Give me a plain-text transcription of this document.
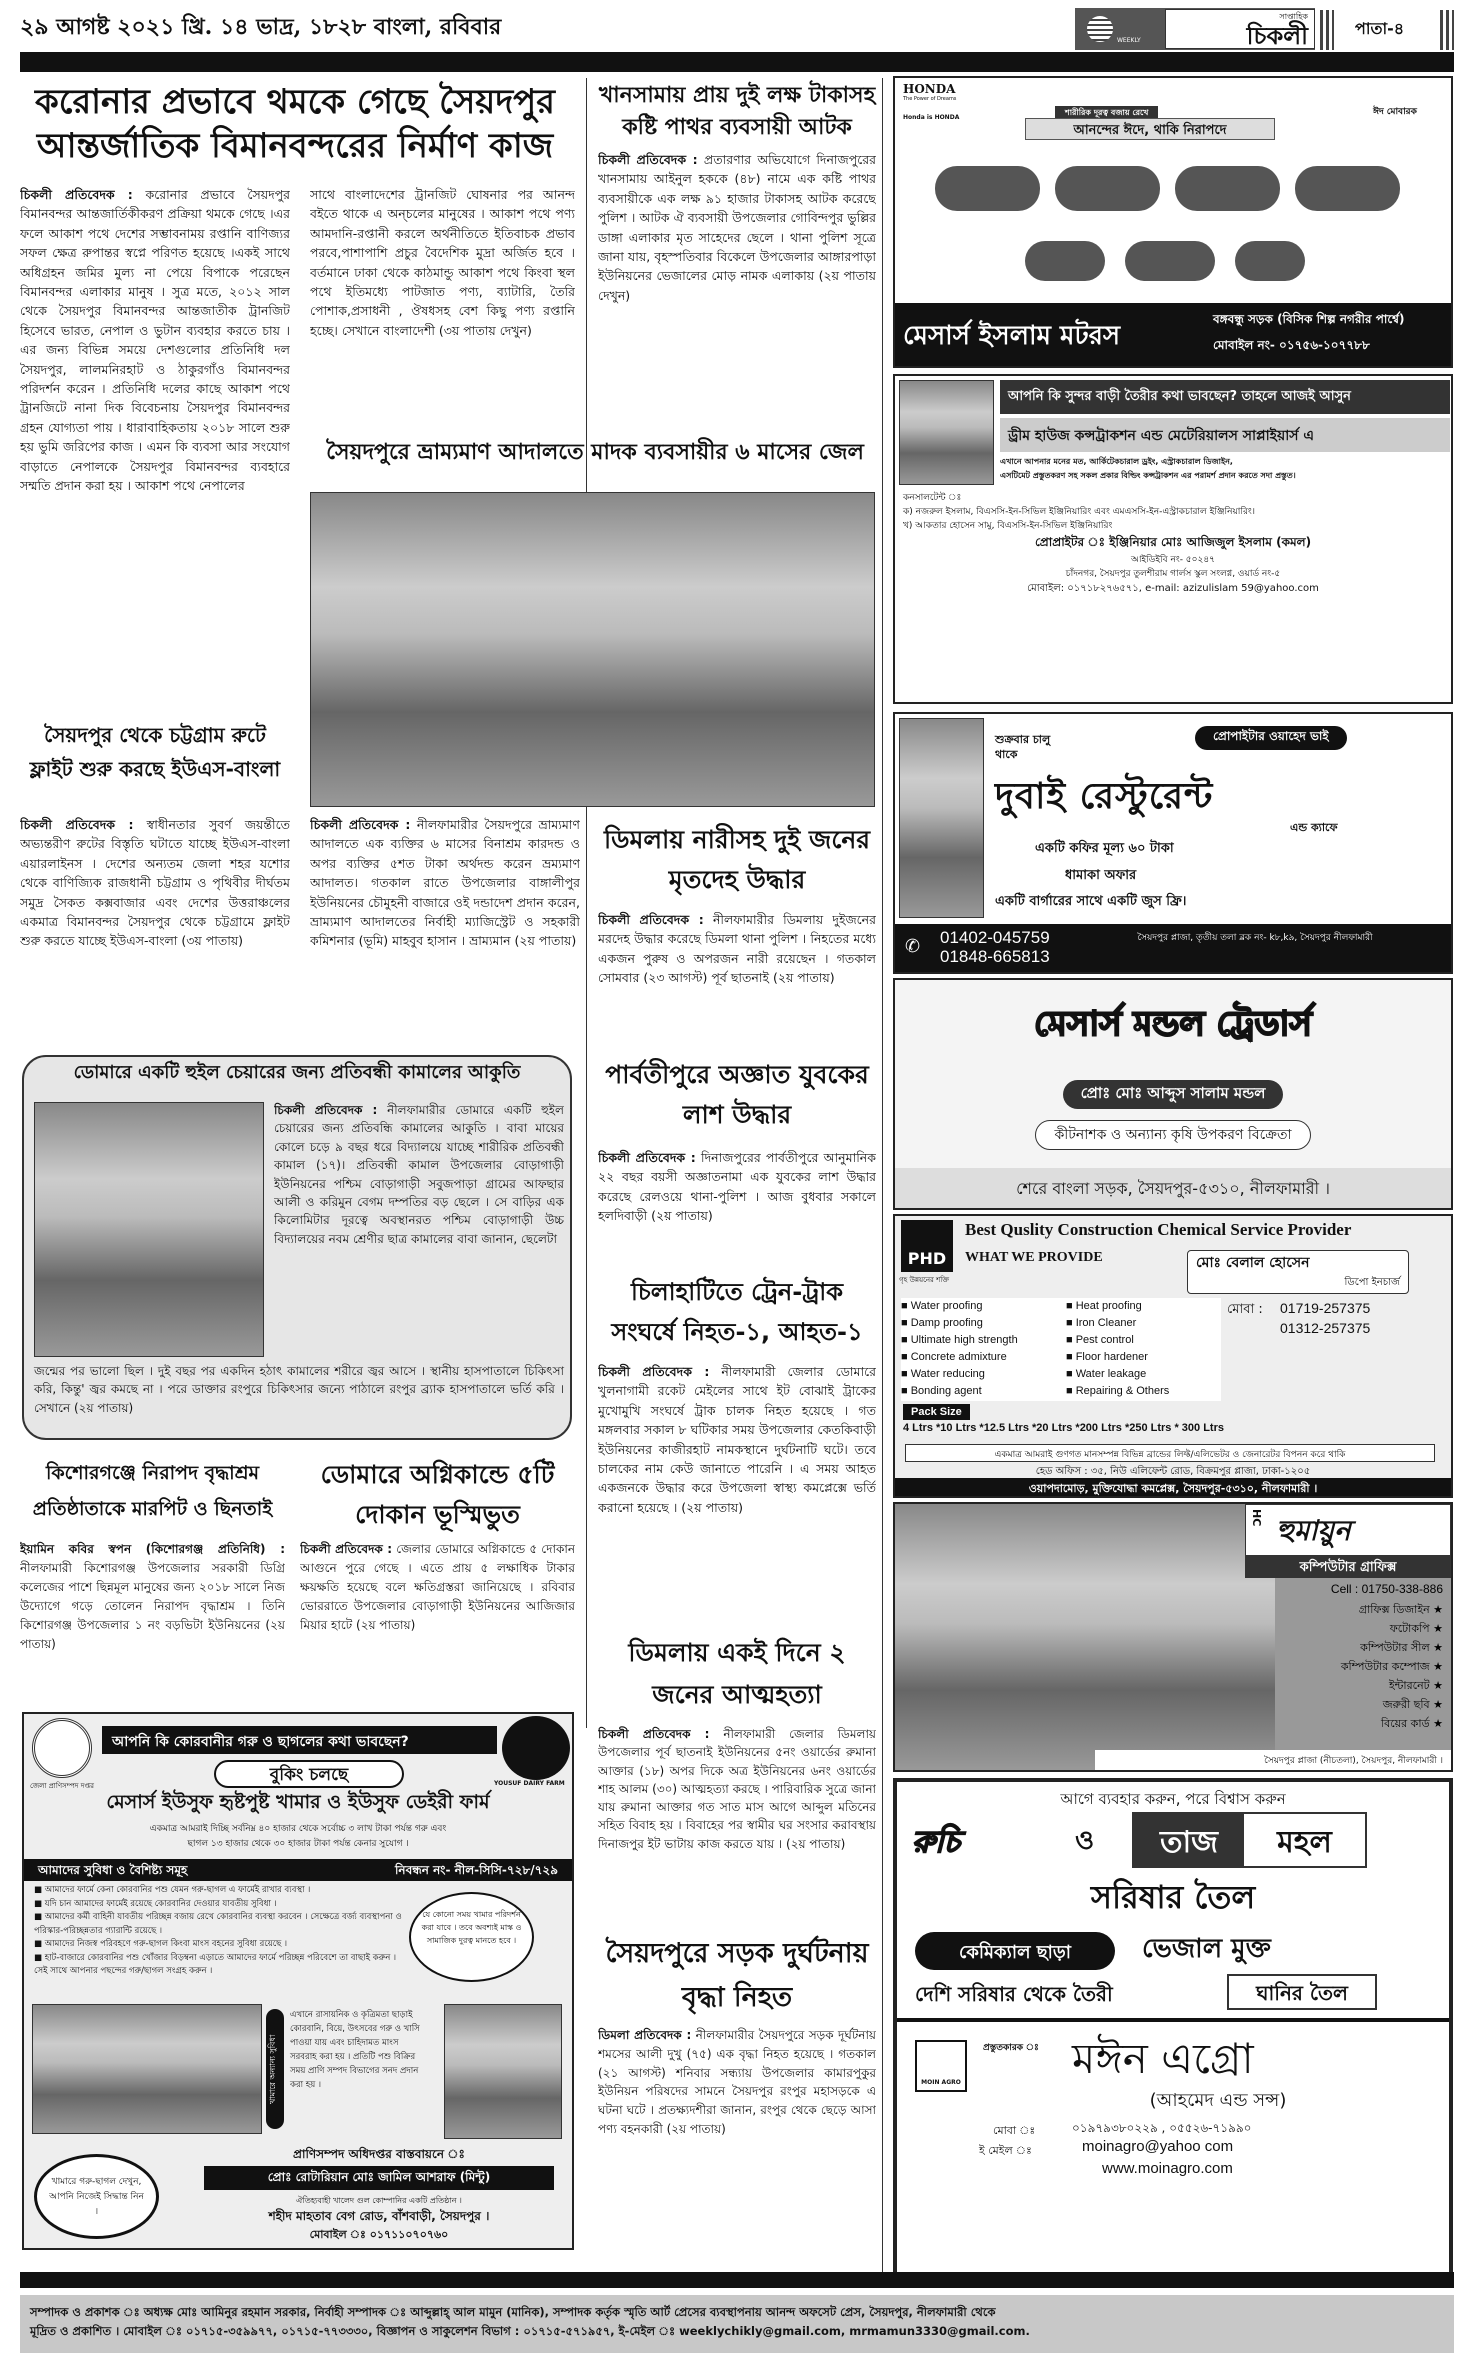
২৯ আগষ্ট ২০২১ খ্রি. ১৪ ভাদ্র, ১৮২৮ বাংলা, রবিবার
WEEKLY
সাপ্তাহিক
চিকলী	পাতা-৪
করোনার প্রভাবে থমকে গেছে সৈয়দপুর আন্তর্জাতিক বিমানবন্দরের নির্মাণ কাজ
চিকলী প্রতিবেদক : করোনার প্রভাবে সৈয়দপুর বিমানবন্দর আন্তজার্তিকীকরণ প্রক্রিয়া থমকে গেছে ।এর ফলে আকাশ পথে দেশের সম্ভাবনাময় রপ্তানি বাণিজ্যর সফল ক্ষেত্র রুপান্তর স্বপ্নে পরিণত হয়েছে ।একই সাথে অধিগ্রহন জমির মুল্য না পেয়ে বিপাকে পরেছেন বিমানবন্দর এলাকার মানুষ । সুত্র মতে, ২০১২ সাল থেকে সৈয়দপুর বিমানবন্দর আন্তজাতীক ট্রানজিট হিসেবে ভারত, নেপাল ও ভুটান ব্যবহার করতে চায় । এর জন্য বিভিন্ন সময়ে দেশগুলোর প্রতিনিধি দল সৈয়দপুর, লালমনিরহাট ও ঠাকুরগাঁও বিমানবন্দর পরিদর্শন করেন । প্রতিনিধি দলের কাছে আকাশ পথে ট্রানজিটে নানা দিক বিবেচনায় সৈয়দপুর বিমানবন্দর গ্রহন যোগ্যতা পায় । ধারাবাহিকতায় ২০১৮ সালে শুরু হয় ভুমি জরিপের কাজ । এমন কি ব্যবসা আর সংযোগ বাড়াতে নেপালকে সৈয়দপুর বিমানবন্দর ব্যবহারে সম্মতি প্রদান করা হয় । আকাশ পথে নেপালের
সাথে বাংলাদেশের ট্রানজিট ঘোষনার পর আনন্দ বইতে থাকে এ অন্চলের মানুষের । আকাশ পথে পণ্য আমদানি-রপ্তানী করলে অর্থনীতিতে ইতিবাচক প্রভাব পরবে,পাশাপাশি প্রচুর বৈদেশিক মুদ্রা অর্জিত হবে । বর্তমানে ঢাকা থেকে কাঠমান্ডু আকাশ পথে কিংবা স্থল পথে ইতিমধ্যে পাটজাত পণ্য, ব্যাটারি, তৈরি পোশাক,প্রসাধনী , ঔষধসহ বেশ কিছু পণ্য রপ্তানি হচ্ছে। সেখানে বাংলাদেশী (৩য় পাতায় দেখুন)
খানসামায় প্রায় দুই লক্ষ টাকাসহ কষ্টি পাথর ব্যবসায়ী আটক
চিকলী প্রতিবেদক : প্রতারণার অভিযোগে দিনাজপুরের খানসামায় আইনুল হককে (৪৮) নামে এক কষ্টি পাথর ব্যবসায়ীকে এক লক্ষ ৯১ হাজার টাকাসহ আটক করেছে পুলিশ । আটক ঐ ব্যবসায়ী উপজেলার গোবিন্দপুর ভুল্লির ডাঙ্গা এলাকার মৃত সাহেদের ছেলে । থানা পুলিশ সূত্রে জানা যায়, বৃহস্পতিবার বিকেলে উপজেলার আঙ্গারপাড়া ইউনিয়নের ভেজালের মোড় নামক এলাকায় (২য় পাতায় দেখুন)
সৈয়দপুরে ভ্রাম্যমাণ আদালতে মাদক ব্যবসায়ীর ৬ মাসের জেল
চিকলী প্রতিবেদক : নীলফামারীর সৈয়দপুরে ভ্রাম্যমাণ আদালতে এক ব্যক্তির ৬ মাসের বিনাশ্রম কারদন্ড ও অপর ব্যক্তির ৫শত টাকা অর্থদন্ড করেন ভ্রম্যমাণ আদালত। গতকাল রাতে উপজেলার বাঙ্গালীপুর ইউনিয়নের চৌমুহনী বাজারে ওই দন্ডাদেশ প্রদান করেন, ভ্রাম্যমাণ আদালতের নির্বাহী ম্যাজিস্ট্রেট ও সহকারী কমিশনার (ভূমি) মাহবুব হাসান । ভ্রাম্যমান (২য় পাতায়)
সৈয়দপুর থেকে চট্টগ্রাম রুটে ফ্লাইট শুরু করছে ইউএস-বাংলা
চিকলী প্রতিবেদক : স্বাধীনতার সুবর্ণ জয়ন্তীতে অভ্যন্তরীণ রুটের বিস্তৃতি ঘটাতে যাচ্ছে ইউএস-বাংলা এয়ারলাইনস । দেশের অন্যতম জেলা শহর যশোর থেকে বাণিজ্যিক রাজধানী চট্টগ্রাম ও পৃথিবীর দীর্ঘতম সমুদ্র সৈকত কক্সবাজার এবং দেশের উত্তরাঞ্চলের একমাত্র বিমানবন্দর সৈয়দপুর থেকে চট্টগ্রামে ফ্লাইট শুরু করতে যাচ্ছে ইউএস-বাংলা (৩য় পাতায়)
ডিমলায় নারীসহ দুই জনের মৃতদেহ উদ্ধার
চিকলী প্রতিবেদক : নীলফামারীর ডিমলায় দুইজনের মরদেহ উদ্ধার করেছে ডিমলা থানা পুলিশ । নিহতের মধ্যে একজন পুরুষ ও অপরজন নারী রয়েছেন । গতকাল সোমবার (২৩ আগস্ট) পূর্ব ছাতনাই (২য় পাতায়)
পার্বতীপুরে অজ্ঞাত যুবকের লাশ উদ্ধার
চিকলী প্রতিবেদক : দিনাজপুরের পার্বতীপুরে আনুমানিক ২২ বছর বয়সী অজ্ঞাতনামা এক যুবকের লাশ উদ্ধার করেছে রেলওয়ে থানা-পুলিশ । আজ বুধবার সকালে হলদিবাড়ী (২য় পাতায়)
ডোমারে একটি হুইল চেয়ারের জন্য প্রতিবন্ধী কামালের আকুতি
চিকলী প্রতিবেদক : নীলফামারীর ডোমারে একটি হুইল চেয়ারের জন্য প্রতিবন্ধি কামালের আকুতি । বাবা মায়ের কোলে চড়ে ৯ বছর ধরে বিদ্যালয়ে যাচ্ছে শারীরিক প্রতিবন্ধী কামাল (১৭)। প্রতিবন্ধী কামাল উপজেলার বোড়াগাড়ী ইউনিয়নের পশ্চিম বোড়াগাড়ী সবুজপাড়া গ্রামের আফছার আলী ও করিমুন বেগম দম্পতির বড় ছেলে । সে বাড়ির এক কিলোমিটার দূরত্বে অবস্থানরত পশ্চিম বোড়াগাড়ী উচ্চ বিদ্যালয়ের নবম শ্রেণীর ছাত্র কামালের বাবা জানান, ছেলেটা
জন্মের পর ভালো ছিল । দুই বছর পর একদিন হঠাৎ কামালের শরীরে জ্বর আসে । স্থানীয় হাসপাতালে চিকিৎসা করি, কিন্তু' জ্বর কমছে না । পরে ডাক্তার রংপুরে চিকিৎসার জন্যে পাঠালে রংপুর ব্র্যাক হাসপাতালে ভর্তি করি । সেখানে (২য় পাতায়)
চিলাহাটিতে ট্রেন-ট্রাক সংঘর্ষে নিহত-১, আহত-১
চিকলী প্রতিবেদক : নীলফামারী জেলার ডোমারে খুলনাগামী রকেট মেইলের সাথে ইট বোঝাই ট্রাকের মুখোমুখি সংঘর্ষে ট্রাক চালক নিহত হয়েছে । গত মঙ্গলবার সকাল ৮ ঘটিকার সময় উপজেলার কেতকিবাড়ী ইউনিয়নের কাজীরহাট নামকস্থানে দুর্ঘটনাটি ঘটে। তবে চালকের নাম কেউ জানাতে পারেনি । এ সময় আহত একজনকে উদ্ধার করে উপজেলা স্বাস্থ্য কমপ্লেক্সে ভর্তি করানো হয়েছে । (২য় পাতায়)
কিশোরগঞ্জে নিরাপদ বৃদ্ধাশ্রম প্রতিষ্ঠাতাকে মারপিট ও ছিনতাই
ইয়ামিন কবির স্বপন (কিশোরগঞ্জ প্রতিনিধি) : নীলফামারী কিশোরগঞ্জ উপজেলার সরকারী ডিগ্রি কলেজের পাশে ছিন্নমূল মানুষের জন্য ২০১৮ সালে নিজ উদ্যোগে গড়ে তোলেন নিরাপদ বৃদ্ধাশ্রম । তিনি কিশোরগঞ্জ উপজেলার ১ নং বড়ভিটা ইউনিয়নের (২য় পাতায়)
ডোমারে অগ্নিকান্ডে ৫টি দোকান ভূস্মিভুত
চিকলী প্রতিবেদক : জেলার ডোমারে অগ্নিকান্ডে ৫ দোকান আগুনে পুরে গেছে । এতে প্রায় ৫ লক্ষাধিক টাকার ক্ষয়ক্ষতি হয়েছে বলে ক্ষতিগ্রস্তরা জানিয়েছে । রবিবার ভোররাতে উপজেলার বোড়াগাড়ী ইউনিয়নের আজিজার মিয়ার হাটে (২য় পাতায়)
ডিমলায় একই দিনে ২ জনের আত্মহত্যা
চিকলী প্রতিবেদক : নীলফামারী জেলার ডিমলায় উপজেলার পূর্ব ছাতনাই ইউনিয়নের ৫নং ওয়ার্ডের রুমানা আক্তার (১৮) অপর দিকে অত্র ইউনিয়নের ৬নং ওয়ার্ডের শাহ আলম (৩০) আত্মহত্যা করছে । পারিবারিক সুত্রে জানা যায় রুমানা আক্তার গত সাত মাস আগে আব্দুল মতিনের সহিত বিবাহ হয় । বিবাহের পর স্বামীর ঘর সংসার করাবস্থায় দিনাজপুর ইট ভাটায় কাজ করতে যায় । (২য় পাতায়)
সৈয়দপুরে সড়ক দুর্ঘটনায় বৃদ্ধা নিহত
ডিমলা প্রতিবেদক : নীলফামারীর সৈয়দপুরে সড়ক দূর্ঘটনায় শমসের আলী দুখু (৭৫) এক বৃদ্ধা নিহত হয়েছে । গতকাল (২১ আগস্ট) শনিবার সন্ধ্যায় উপজেলার কামারপুকুর ইউনিয়ন পরিষদের সামনে সৈয়দপুর রংপুর মহাসড়কে এ ঘটনা ঘটে । প্রতক্ষ্যদশীরা জানান, রংপুর থেকে ছেড়ে আসা পণ্য বহনকারী (২য় পাতায়)
জেলা প্রাণিসম্পদ দপ্তর
আপনি কি কোরবানীর গরু ও ছাগলের কথা ভাবছেন?
YOUSUF DAIRY FARM
বুকিং চলছে
মেসার্স ইউসুফ হৃষ্টপুষ্ট খামার ও ইউসুফ ডেইরী ফার্ম
একমাত্র আমরাই দিচ্ছি সর্বনিম্ন ৪০ হাজার থেকে সর্বোচ্চ ৩ লাখ টাকা পর্যন্ত গরু এবং
ছাগল ১৩ হাজার থেকে ৩০ হাজার টাকা পর্যন্ত কেনার সুযোগ ।
আমাদের সুবিধা ও বৈশিষ্ট্য সমূহ	নিবন্ধন নং- নীল-সিসি-৭২৮/৭২৯
■ আমাদের ফার্মে কেনা কোরবানির পশু যেমন গরু-ছাগল এ ফার্মেই রাখার ব্যবস্থা ।
■ যদি চান আমাদের ফার্মেই রয়েছে কোরবানির দেওয়ার যাবতীয় সুবিধা ।
■ আমাদের কর্মী বাহিনী যাবতীয় পরিচ্ছন্ন বজায় রেখে কোরবানির ব্যবস্থা করবেন । সেক্ষেত্রে বর্জ্য ব্যবস্থাপনা ও পরিস্কার-পরিচ্ছন্নতার গ্যারান্টি রয়েছে ।
■ আমাদের নিজস্ব পরিবহণে গরু-ছাগল কিংবা মাংস বহনের সুবিধা রয়েছে ।
■ হাট-বাজারে কোরবানির পশু খোঁজার বিড়ম্বনা এড়াতে আমাদের ফার্মে পরিচ্ছন্ন পরিবেশে তা বাছাই করুন । সেই সাথে আপনার পছন্দের গরু/ছাগল সংগ্রহ করুন ।
যে কোনো সময় খামার পরিদর্শন করা যাবে । তবে অবশ্যই মাস্ক ও সামাজিক দুরত্ব মানতে হবে ।
খামারে অন্যান্য সুবিধা
এখানে রাসায়নিক ও কৃত্রিমতা ছাড়াই কোরবানি, বিয়ে, উৎসবের গরু ও খাসি পাওয়া যায় এবং চাহিদামত মাংস সরবরাহ করা হয় । প্রতিটি পশু বিক্রির সময় প্রাণি সম্পদ বিভাগের সনদ প্রদান করা হয় ।
খামারে গরু-ছাগল দেখুন, আপনি নিজেই সিদ্ধান্ত নিন ।
প্রাণিসম্পদ অধিদপ্তর বাস্তবায়নে ঃ
প্রোঃ রোটারিয়ান মোঃ জামিল আশরাফ (মিন্টু)
ঐতিহ্যবাহী খালেদ গুল কোম্পানির একটি প্রতিষ্ঠান ।
শহীদ মাহতাব বেগ রোড, বাঁশবাড়ী, সৈয়দপুর ।
মোবাইল ঃ ০১৭১১০৭০৭৬০
HONDA
The Power of Dreams
Honda is HONDA
শারীরিক দূরত্ব বজায় রেখে
আনন্দের ঈদে, থাকি নিরাপদে
ঈদ মোবারক
মেসার্স ইসলাম মটরস
বঙ্গবন্ধু সড়ক (বিসিক শিল্প নগরীর পার্শ্বে)
মোবাইল নং- ০১৭৫৬-১০৭৭৮৮
আপনি কি সুন্দর বাড়ী তৈরীর কথা ভাবছেন? তাহলে আজই আসুন
ড্রীম হাউজ কন্সট্রাকশন এন্ড মেটেরিয়ালস সাপ্লাইয়ার্স এ
এখানে আপনার মনের মত, আর্কিটেকচারাল ড্রইং, এস্ট্রাকচারাল ডিজাইন,
এসটিমেট প্রস্তুতকরণ সহ সকল প্রকার বিল্ডিং কন্সট্রাকশন এর পরামর্শ প্রদান করতে সদা প্রস্তুত।
কনসালটেন্ট ঃ
ক) নজরুল ইসলাম, বিএসসি-ইন-সিভিল ইঞ্জিনিয়ারিং এবং এমএসসি-ইন-এস্ট্রাকচারাল ইঞ্জিনিয়ারিং।
খ) আকতার হোসেন সামু, বিএসসি-ইন-সিভিল ইঞ্জিনিয়ারিং
প্রোপ্রাইটর ঃ ইঞ্জিনিয়ার মোঃ আজিজুল ইসলাম (কমল)
আইডিইবি নং- ৫০২৪৭
চাঁদনগর, সৈয়দপুর তুলশীরাম গার্লস স্কুল সংলগ্ন, ওয়ার্ড নং-৫
মোবাইল: ০১৭১৮২৭৬৫৭১, e-mail: azizulislam 59@yahoo.com
শুক্রবার চালু থাকে
প্রোপাইটার ওয়াহেদ ভাই
দুবাই রেস্টুরেন্ট
এন্ড ক্যাফে
একটি কফির মূল্য ৬০ টাকা
ধামাকা অফার
একটি বার্গারের সাথে একটি জুস ফ্রি।
✆ 01402-045759
01848-665813
সৈয়দপুর প্লাজা, তৃতীয় তলা ব্লক নং- k৮,k৯, সৈয়দপুর নীলফামারী
মেসার্স মন্ডল ট্রেডার্স
প্রোঃ মোঃ আব্দুস সালাম মন্ডল
কীটনাশক ও অন্যান্য কৃষি উপকরণ বিক্রেতা
শেরে বাংলা সড়ক, সৈয়দপুর-৫৩১০, নীলফামারী ।
PHD
গৃহ উন্নয়নের শক্তি
Best Quslity Construction Chemical Service Provider
WHAT WE PROVIDE	মোঃ বেলাল হোসেন
ডিপো ইনচার্জ
■ Water proofing
■ Damp proofing
■ Ultimate high strength
■ Concrete admixture
■ Water reducing
■ Bonding agent
■ Heat proofing
■ Iron Cleaner
■ Pest control
■ Floor hardener
■ Water leakage
■ Repairing & Others
মোবা : 01719-257375
01312-257375
Pack Size
4 Ltrs *10 Ltrs *12.5 Ltrs *20 Ltrs *200 Ltrs *250 Ltrs * 300 Ltrs
একমাত্র আমরাই গুণগত মানসম্পন্ন বিভিন্ন ব্রান্ডের লিফ্ট/এলিভেটর ও জেনারেটর বিপনন করে থাকি
হেড অফিস : ৩৫, নিউ এলিফেন্ট রোড, বিক্রমপুর প্লাজা, ঢাকা-১২০৫
ওয়াপদামোড়, মুক্তিযোদ্ধা কমপ্লেক্স, সৈয়দপুর-৫৩১০, নীলফামারী ।
HC হুমায়ুন
কম্পিউটার গ্রাফিক্স
Cell : 01750-338-886
গ্রাফিক্স ডিজাইন ★
ফটোকপি ★
কম্পিউটার সীল ★
কম্পিউটার কম্পোজ ★
ইন্টারনেট ★
জরুরী ছবি ★
বিয়ের কার্ড ★
সৈয়দপুর প্লাজা (নীচতলা), সৈয়দপুর, নীলফামারী ।
আগে ব্যবহার করুন, পরে বিশ্বাস করুন
রুচি	ও	তাজ	মহল
সরিষার তৈল
কেমিক্যাল ছাড়া	ভেজাল মুক্ত
দেশি সরিষার থেকে তৈরী	ঘানির তৈল
MOIN AGRO
প্রস্তুতকারক ঃ মঈন এগ্রো
(আহমেদ এন্ড সন্স)
মোবা ঃ	০১৯৭৯৩৮০২২৯ , ০৫৫২৬-৭১৯৯০
ই মেইল ঃ	moinagro@yahoo com
www.moinagro.com
সম্পাদক ও প্রকাশক ঃ অধ্যক্ষ মোঃ আমিনুর রহমান সরকার, নির্বাহী সম্পাদক ঃ আব্দুল্লাহ্ আল মামুন (মানিক), সম্পাদক কর্তৃক স্মৃতি আর্ট প্রেসের ব্যবস্থাপনায় আনন্দ অফসেট প্রেস, সৈয়দপুর, নীলফামারী থেকে
মূদ্রিত ও প্রকাশিত । মোবাইল ঃ ০১৭১৫-৩৫৯৯৭৭, ০১৭১৫-৭৭৩৩৩০, বিজ্ঞাপন ও সাকুলেশন বিভাগ : ০১৭১৫-৫৭১৯৫৭, ই-মেইল ঃ weeklychikly@gmail.com, mrmamun3330@gmail.com.
